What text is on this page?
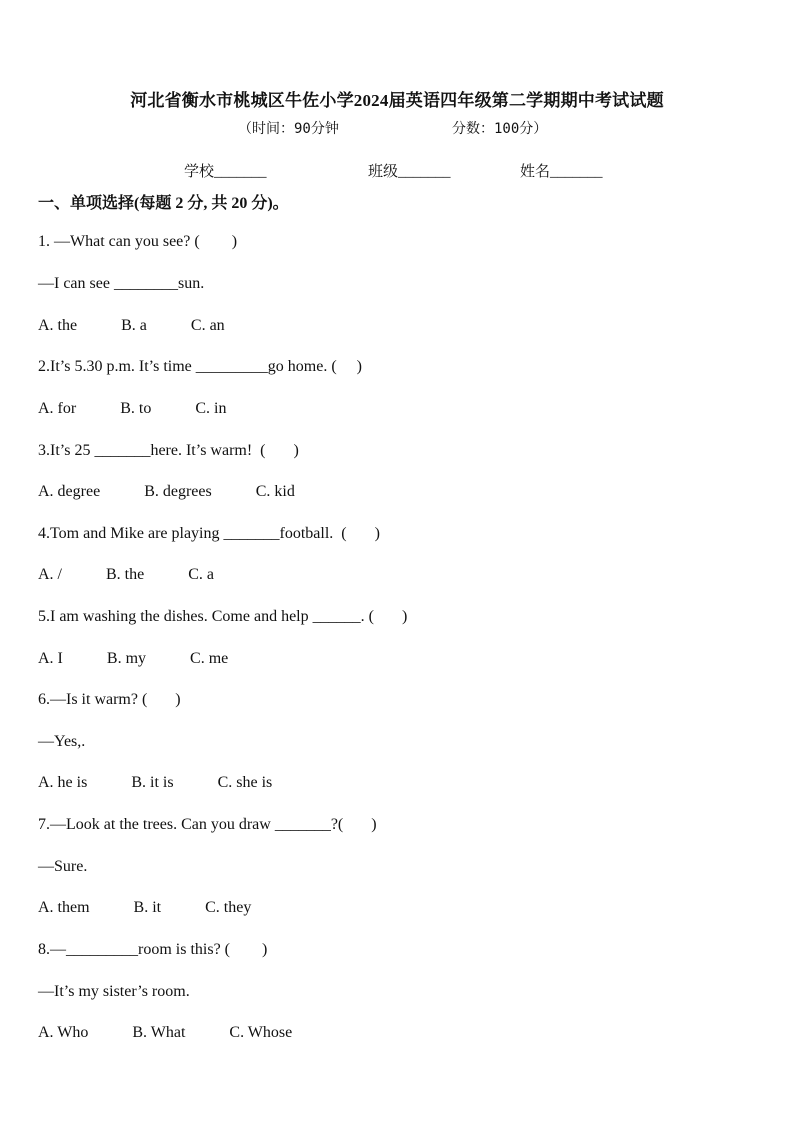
河北省衡水市桃城区牛佐小学2024届英语四年级第二学期期中考试试题
（时间：90分钟	分数：100分）
学校_______	班级_______	姓名_______
一、单项选择(每题 2 分, 共 20 分)。
1. —What can you see? (        )
—I can see ________sun.
A. the	B. a	C. an
2.It’s 5.30 p.m. It’s time _________go home. (     )
A. for	B. to	C. in
3.It’s 25 _______here. It’s warm!  (       )
A. degree	B. degrees	C. kid
4.Tom and Mike are playing _______football.  (       )
A. /	B. the	C. a
5.I am washing the dishes. Come and help ______. (       )
A. I	B. my	C. me
6.—Is it warm? (       )
—Yes,.
A. he is	B. it is	C. she is
7.—Look at the trees. Can you draw _______?(       )
—Sure.
A. them	B. it	C. they
8.—_________room is this? (        )
—It’s my sister’s room.
A. Who	B. What	C. Whose
